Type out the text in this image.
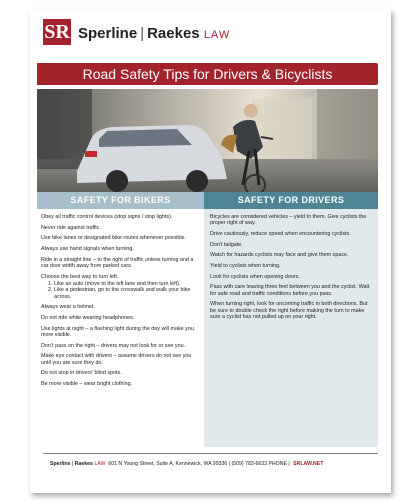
SR Sperline | Raekes LAW
Road Safety Tips for Drivers & Bicyclists
SAFETY FOR BIKERS	SAFETY FOR DRIVERS

Obey all traffic control devices (stop signs / stop lights).

Never ride against traffic.

Use bike lanes or designated bike routes whenever possible.

Always use hand signals when turning.

Ride in a straight line – to the right of traffic unless turning and a car door width away from parked cars.

Choose the best way to turn left.

1. Like an auto (move to the left lane and then turn left).
2. Like a pedestrian, go to the crosswalk and walk your bike across.

Always wear a helmet.

Do not ride while wearing headphones.

Use lights at night – a flashing light during the day will make you more visible.

Don’t pass on the right – drivers may not look for or see you.

Make eye contact with drivers – assume drivers do not see you until you are sure they do.

Do not stop in drivers' blind spots.

Be more visible – wear bright clothing.

Bicycles are considered vehicles – yield to them. Give cyclists the proper right of way.

Drive cautiously, reduce speed when encountering cyclists.

Don't tailgate.

Watch for hazards cyclists may face and give them space.

Yield to cyclists when turning.

Look for cyclists when opening doors.

Pass with care leaving three feet between you and the cyclist. Wait for safe road and traffic conditions before you pass.

When turning right, look for oncoming traffic in both directions. But be sure to double check the right before making the turn to make sure a cyclist has not pulled up on your right.

Sperline | Raekes LAW 601 N Young Street, Suite A, Kennewick, WA 99336 | (509) 783-6633 PHONE | SRLAW.NET
